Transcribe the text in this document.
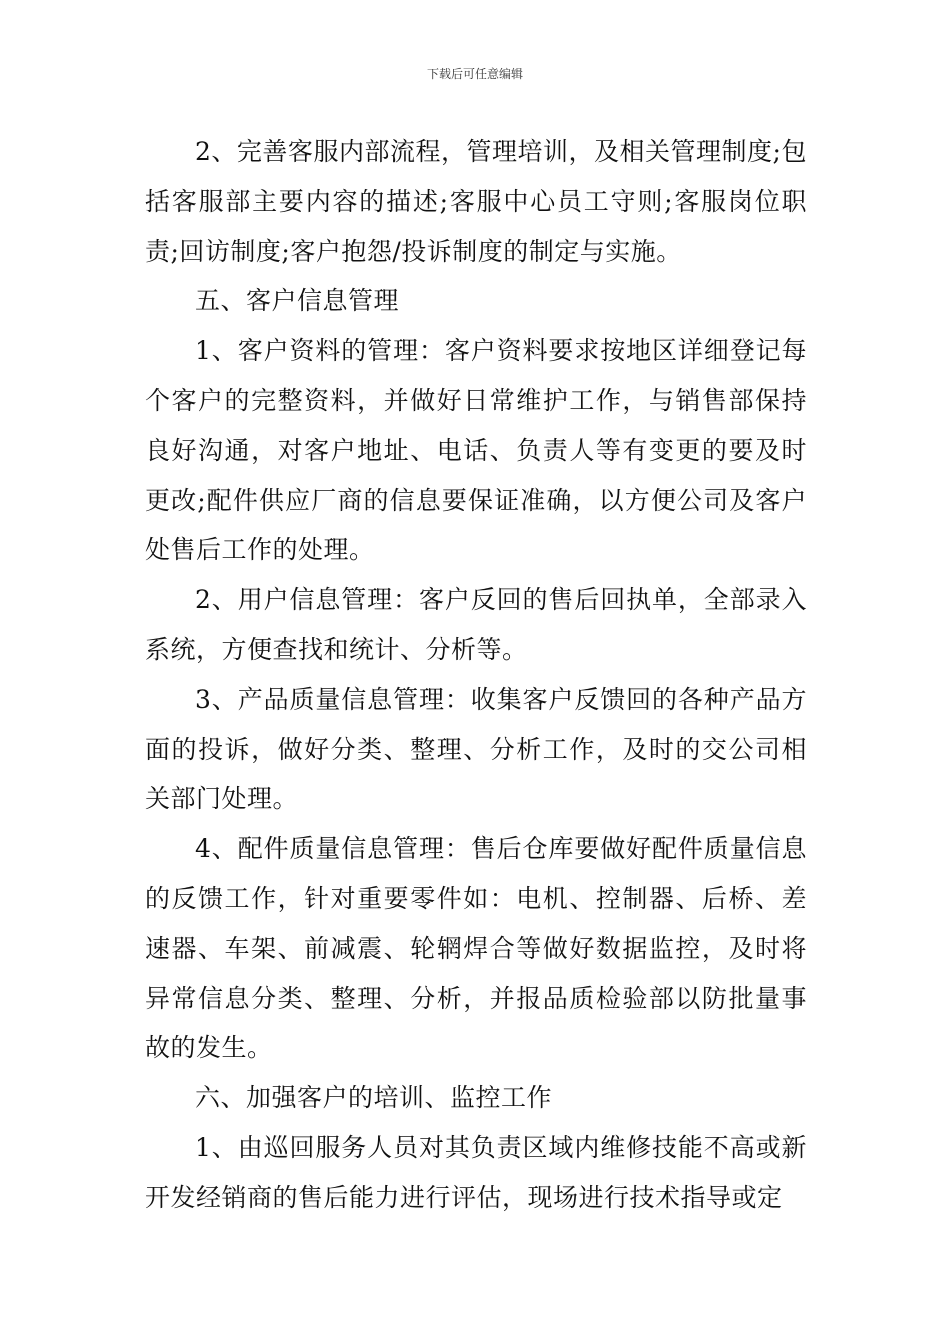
下载后可任意编辑

2、完善客服内部流程，管理培训，及相关管理制度;包括客服部主要内容的描述;客服中心员工守则;客服岗位职责;回访制度;客户抱怨/投诉制度的制定与实施。

五、客户信息管理

1、客户资料的管理：客户资料要求按地区详细登记每个客户的完整资料，并做好日常维护工作，与销售部保持良好沟通，对客户地址、电话、负责人等有变更的要及时更改;配件供应厂商的信息要保证准确，以方便公司及客户处售后工作的处理。

2、用户信息管理：客户反回的售后回执单，全部录入系统，方便查找和统计、分析等。

3、产品质量信息管理：收集客户反馈回的各种产品方面的投诉，做好分类、整理、分析工作，及时的交公司相关部门处理。

4、配件质量信息管理：售后仓库要做好配件质量信息的反馈工作，针对重要零件如：电机、控制器、后桥、差速器、车架、前减震、轮辋焊合等做好数据监控，及时将异常信息分类、整理、分析，并报品质检验部以防批量事故的发生。

六、加强客户的培训、监控工作

1、由巡回服务人员对其负责区域内维修技能不高或新开发经销商的售后能力进行评估，现场进行技术指导或定
